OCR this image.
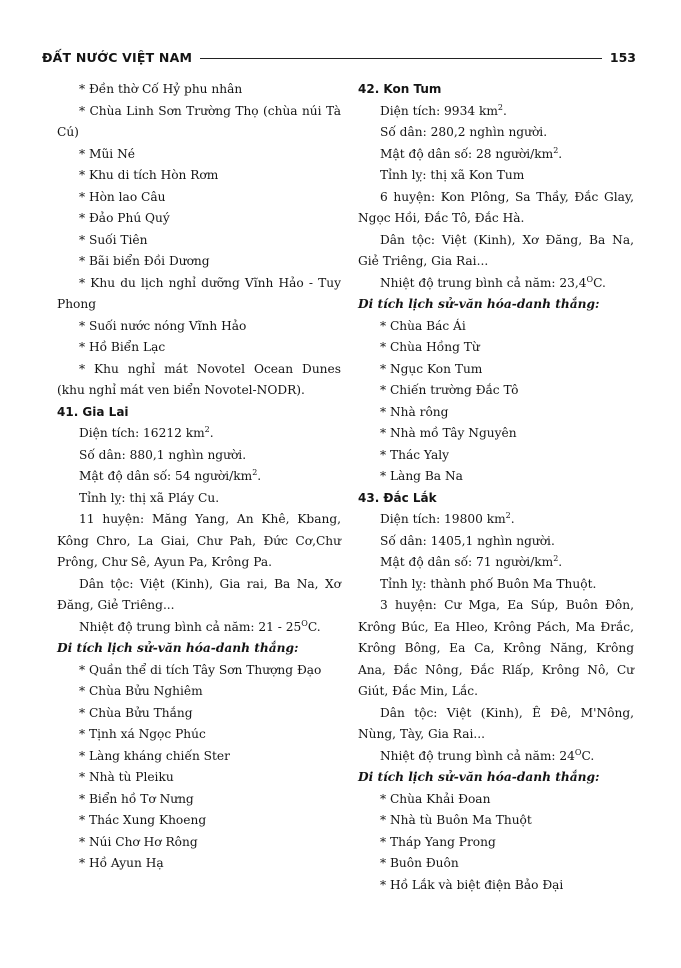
ĐẤT NƯỚC VIỆT NAM	153
* Đền thờ Cố Hỷ phu nhân
* Chùa Linh Sơn Trường Thọ (chùa núi Tà Cú)
* Mũi Né
* Khu di tích Hòn Rơm
* Hòn lao Câu
* Đảo Phú Quý
* Suối Tiên
* Bãi biển Đồi Dương
* Khu du lịch nghỉ dưỡng Vĩnh Hảo - Tuy Phong
* Suối nước nóng Vĩnh Hảo
* Hồ Biển Lạc
* Khu nghỉ mát Novotel Ocean Dunes (khu nghỉ mát ven biển Novotel-NODR).
41. Gia Lai
Diện tích: 16212 $km^2$.
Số dân: 880,1 nghìn người.
Mật độ dân số: 54 người/$km^2$.
Tỉnh lỵ: thị xã Pláy Cu.
11 huyện: Măng Yang, An Khê, Kbang, Kông Chro, La Giai, Chư Pah, Đức Cơ,Chư Prông, Chư Sê, Ayun Pa, Krông Pa.
Dân tộc: Việt (Kinh), Gia rai, Ba Na, Xơ Đăng, Giẻ Triêng...
Nhiệt độ trung bình cả năm: $21 - 25^OC$.
Di tích lịch sử-văn hóa-danh thắng:
* Quần thể di tích Tây Sơn Thượng Đạo
* Chùa Bửu Nghiêm
* Chùa Bửu Thắng
* Tịnh xá Ngọc Phúc
* Làng kháng chiến Ster
* Nhà tù Pleiku
* Biển hồ Tơ Nưng
* Thác Xung Khoeng
* Núi Chơ Hơ Rông
* Hồ Ayun Hạ
42. Kon Tum
Diện tích: 9934 $km^2$.
Số dân: 280,2 nghìn người.
Mật độ dân số: 28 người/$km^2$.
Tỉnh lỵ: thị xã Kon Tum
6 huyện: Kon Plông, Sa Thầy, Đắc Glay, Ngọc Hồi, Đắc Tô, Đắc Hà.
Dân tộc: Việt (Kinh), Xơ Đăng, Ba Na, Giẻ Triêng, Gia Rai...
Nhiệt độ trung bình cả năm: $23,4^OC$.
Di tích lịch sử-văn hóa-danh thắng:
* Chùa Bác Ái
* Chùa Hồng Từ
* Ngục Kon Tum
* Chiến trường Đắc Tô
* Nhà rông
* Nhà mồ Tây Nguyên
* Thác Yaly
* Làng Ba Na
43. Đắc Lắk
Diện tích: 19800 $km^2$.
Số dân: 1405,1 nghìn người.
Mật độ dân số: 71 người/$km^2$.
Tỉnh lỵ: thành phố Buôn Ma Thuột.
3 huyện: Cư Mga, Ea Súp, Buôn Đôn, Krông Búc, Ea Hleo, Krông Pách, Ma Đrắc, Krông Bông, Ea Ca, Krông Năng, Krông Ana, Đắc Nông, Đắc Rlấp, Krông Nô, Cư Giút, Đắc Min, Lắc.
Dân tộc: Việt (Kinh), Ê Đê, M'Nông, Nùng, Tày, Gia Rai...
Nhiệt độ trung bình cả năm: $24^OC$.
Di tích lịch sử-văn hóa-danh thắng:
* Chùa Khải Đoan
* Nhà tù Buôn Ma Thuột
* Tháp Yang Prong
* Buôn Đuôn
* Hồ Lắk và biệt điện Bảo Đại
